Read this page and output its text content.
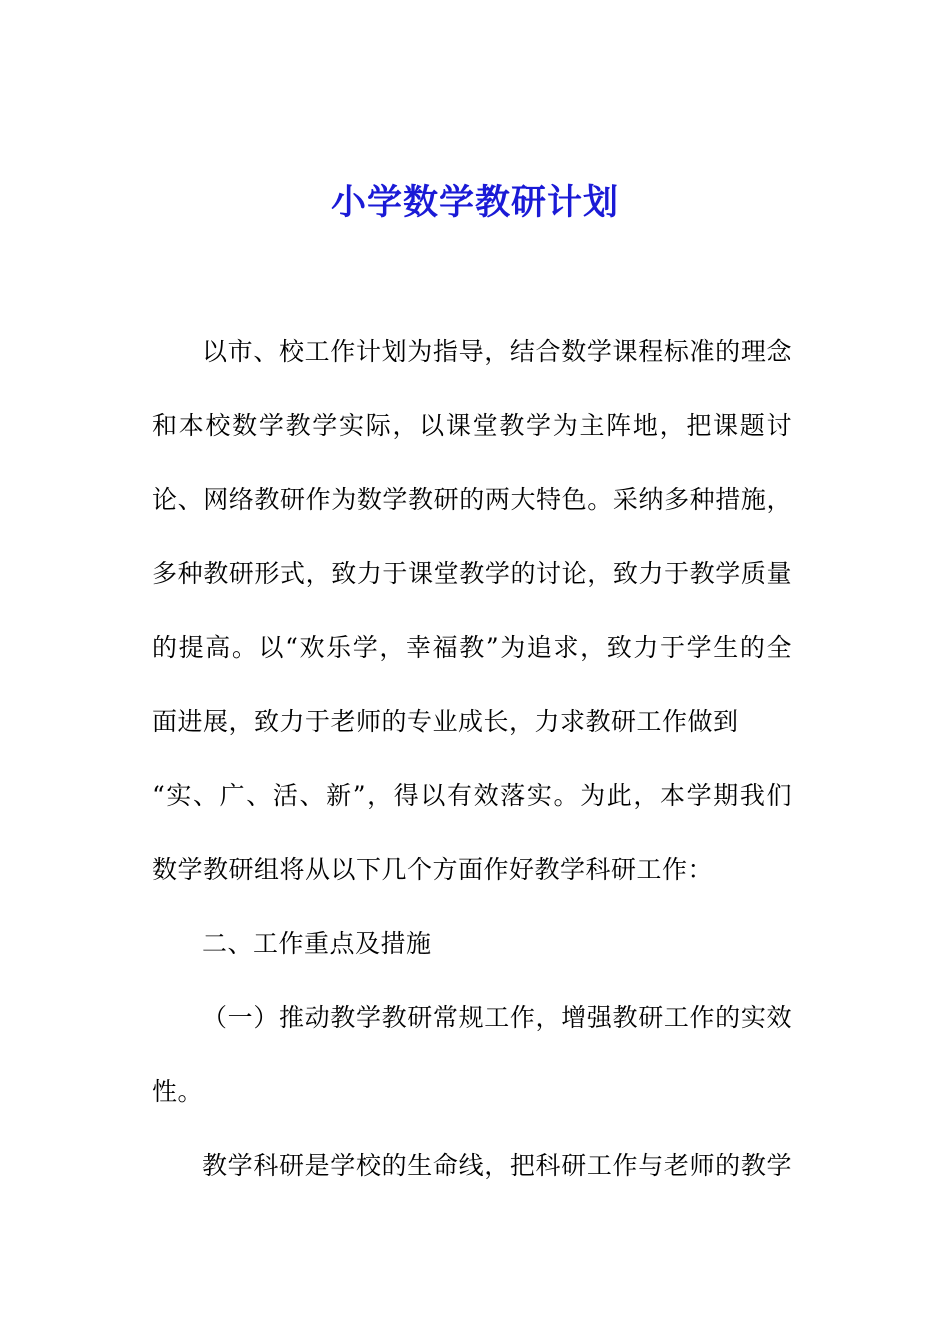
小学数学教研计划
以市、校工作计划为指导，结合数学课程标准的理念
和本校数学教学实际，以课堂教学为主阵地，把课题讨
论、网络教研作为数学教研的两大特色。采纳多种措施，
多种教研形式，致力于课堂教学的讨论，致力于教学质量
的提高。以“欢乐学，幸福教”为追求，致力于学生的全
面进展，致力于老师的专业成长，力求教研工作做到
“实、广、活、新”，得以有效落实。为此，本学期我们
数学教研组将从以下几个方面作好教学科研工作：
二、工作重点及措施
（一）推动教学教研常规工作，增强教研工作的实效
性。
教学科研是学校的生命线，把科研工作与老师的教学
